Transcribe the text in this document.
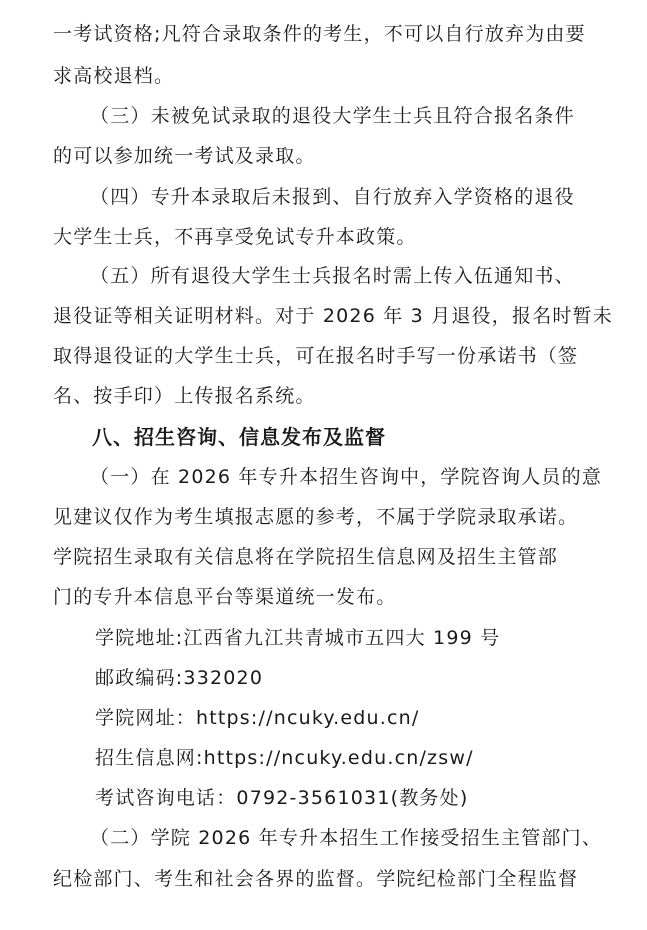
一考试资格;凡符合录取条件的考生，不可以自行放弃为由要
求高校退档。
（三）未被免试录取的退役大学生士兵且符合报名条件
的可以参加统一考试及录取。
（四）专升本录取后未报到、自行放弃入学资格的退役
大学生士兵，不再享受免试专升本政策。
（五）所有退役大学生士兵报名时需上传入伍通知书、
退役证等相关证明材料。对于 2026 年 3 月退役，报名时暂未
取得退役证的大学生士兵，可在报名时手写一份承诺书（签
名、按手印）上传报名系统。
八、招生咨询、信息发布及监督
（一）在 2026 年专升本招生咨询中，学院咨询人员的意
见建议仅作为考生填报志愿的参考，不属于学院录取承诺。
学院招生录取有关信息将在学院招生信息网及招生主管部
门的专升本信息平台等渠道统一发布。
学院地址:江西省九江共青城市五四大 199 号
邮政编码:332020
学院网址：https://ncuky.edu.cn/
招生信息网:https://ncuky.edu.cn/zsw/
考试咨询电话：0792-3561031(教务处)
（二）学院 2026 年专升本招生工作接受招生主管部门、
纪检部门、考生和社会各界的监督。学院纪检部门全程监督
